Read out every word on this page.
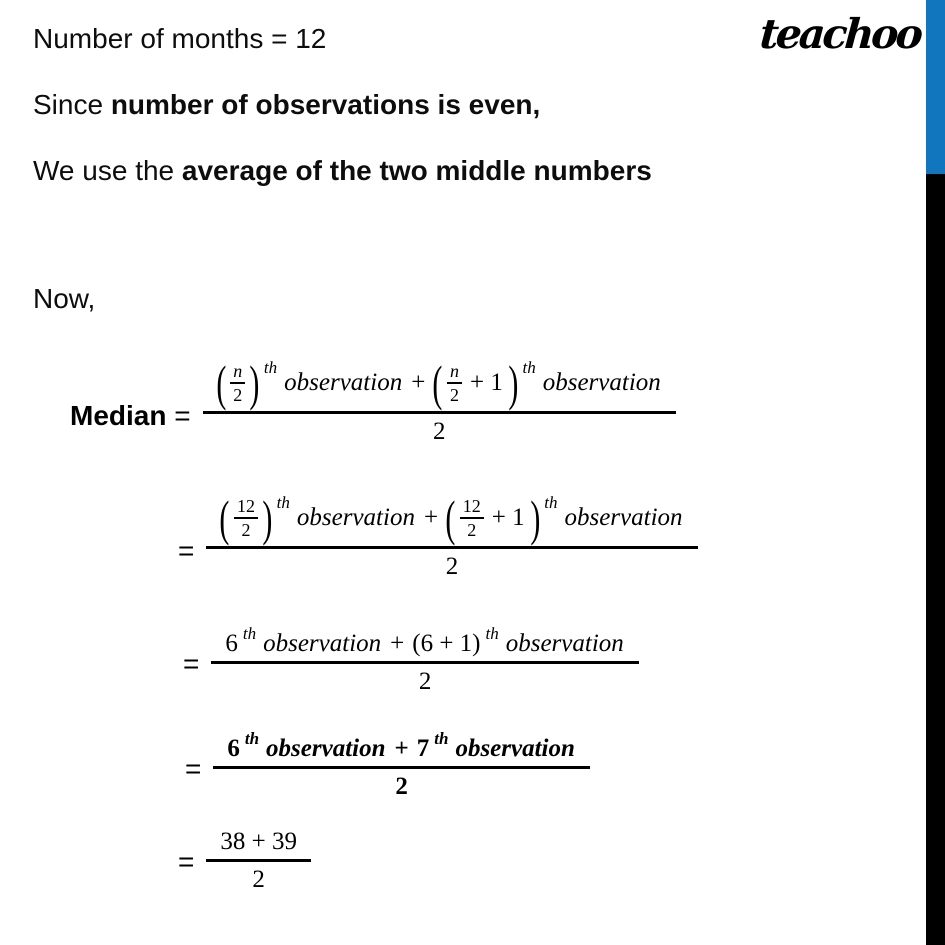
teachoo
Number of months = 12
Since number of observations is even,
We use the average of the two middle numbers
Now,
Median =
( n
2 ) th
observation + ( n
2 + 1 ) th
observation
2
=
( 12
2 ) th
observation + ( 12
2 + 1 ) th
observation
2
=
6 th observation + (6 + 1) th observation
2
=
6 th observation + 7 th observation
2
= $\frac{38 + 39}{2}$
